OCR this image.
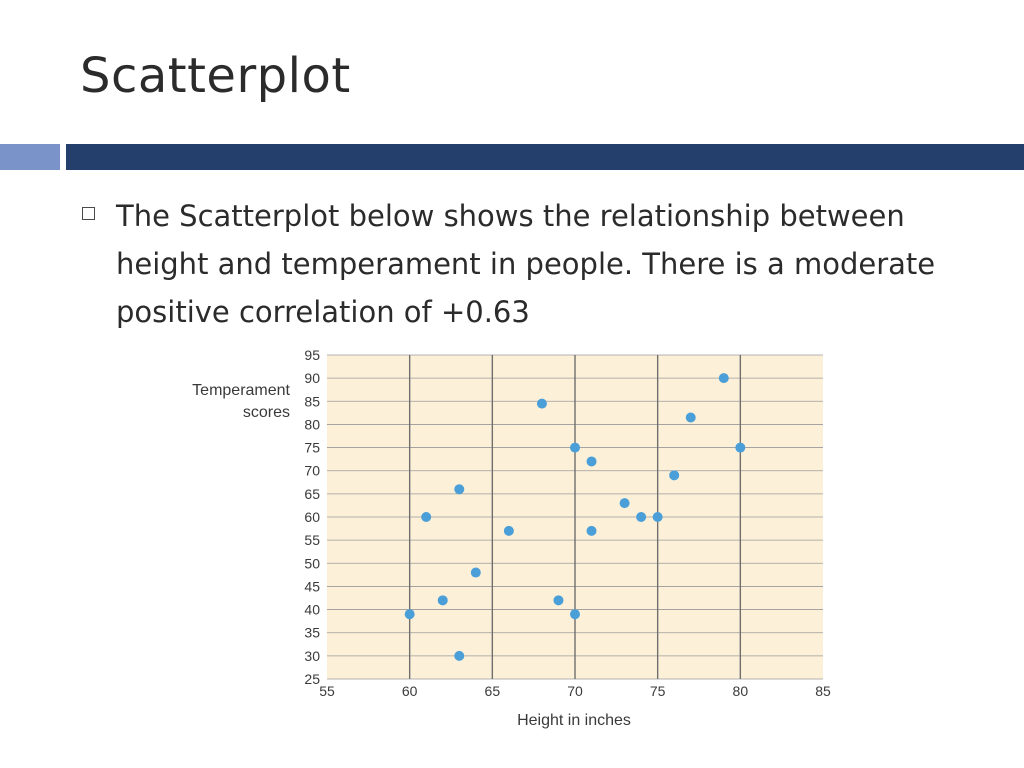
Scatterplot
The Scatterplot below shows the relationship between height and temperament in people. There is a moderate positive correlation of +0.63
25
30
35
40
45
50
55
60
65
70
75
80
85
90
95
55	60	65	70	75	80	85
Temperament
scores
Height in inches
